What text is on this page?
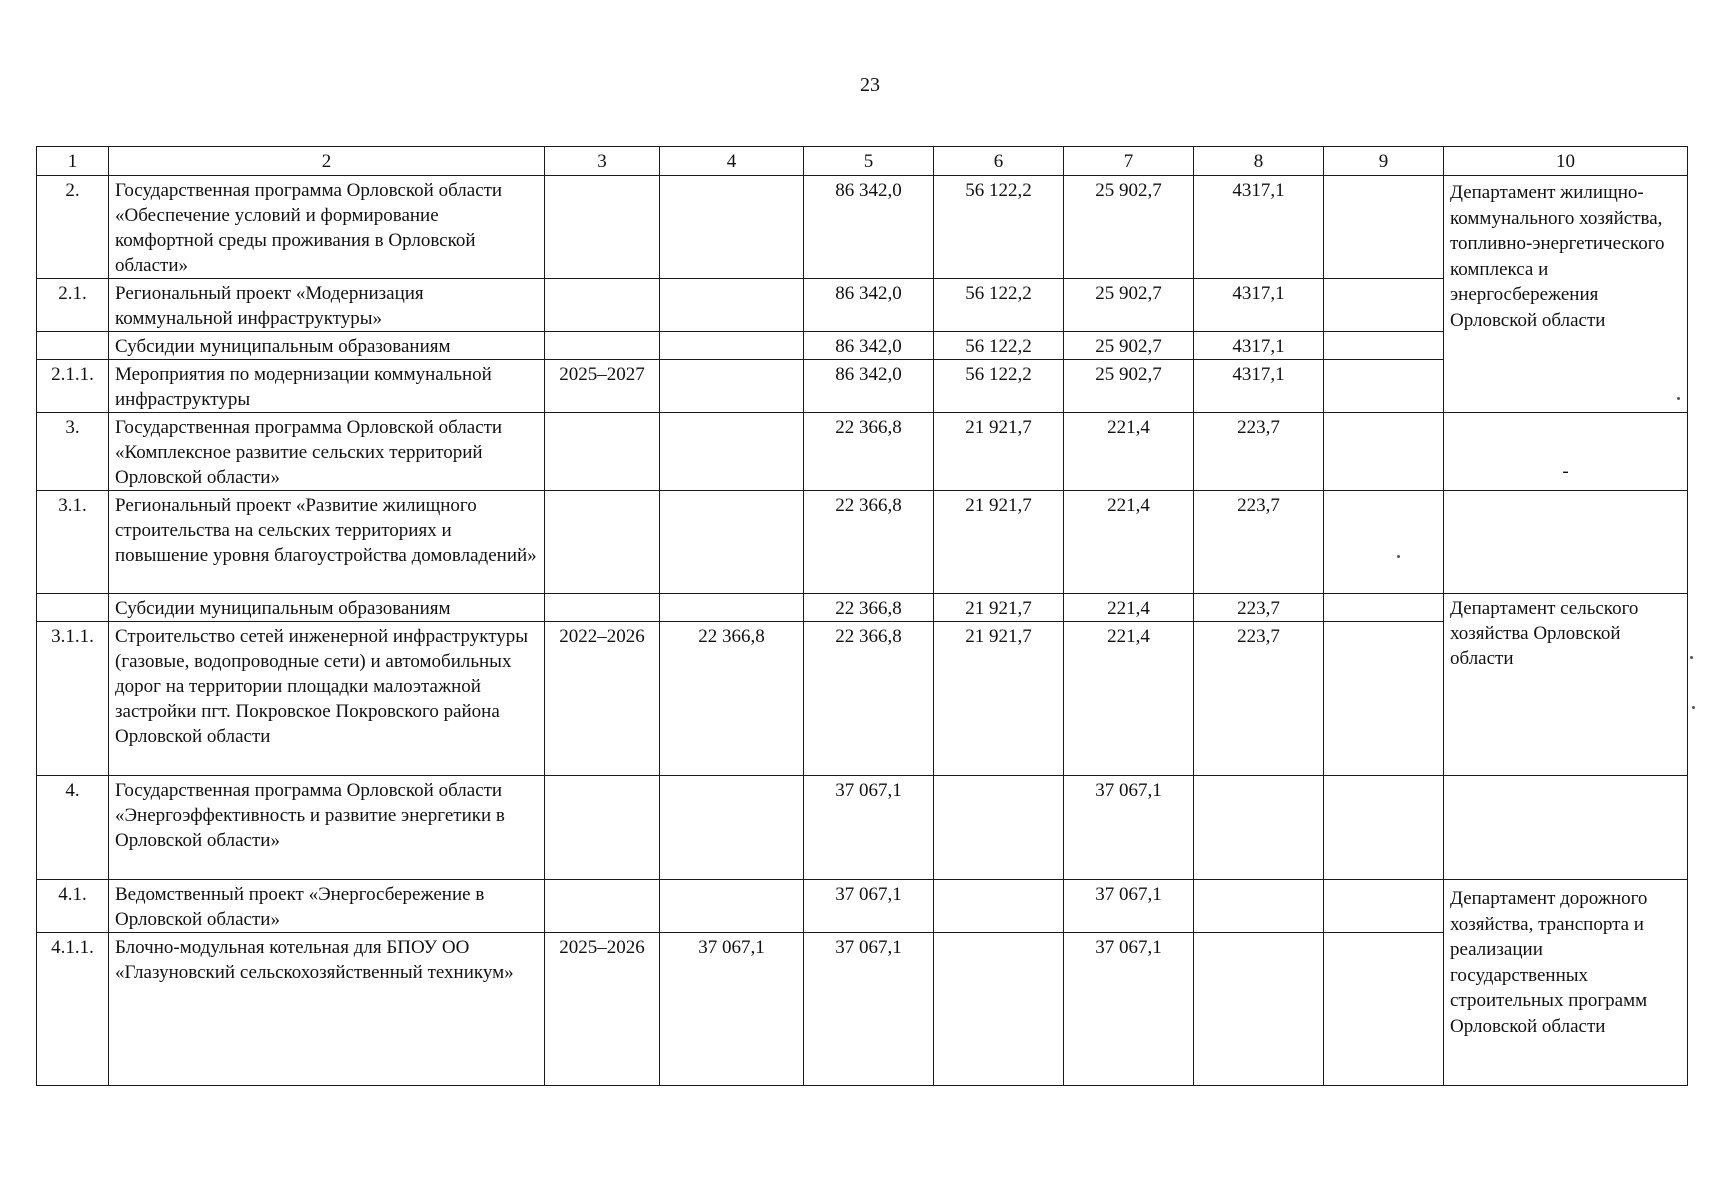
23
1	2	3	4	5	6	7	8	9	10
2.	Государственная программа Орловской области «Обеспечение условий и формирование комфортной среды проживания в Орловской области»			86 342,0	56 122,2	25 902,7	4317,1		Департамент жилищно-коммунального хозяйства, топливно-энергетического комплекса и энергосбережения Орловской области
2.1.	Региональный проект «Модернизация коммунальной инфраструктуры»			86 342,0	56 122,2	25 902,7	4317,1		
	Субсидии муниципальным образованиям			86 342,0	56 122,2	25 902,7	4317,1		
2.1.1.	Мероприятия по модернизации коммунальной инфраструктуры	2025–2027		86 342,0	56 122,2	25 902,7	4317,1		
3.	Государственная программа Орловской области «Комплексное развитие сельских территорий Орловской области»			22 366,8	21 921,7	221,4	223,7		-
3.1.	Региональный проект «Развитие жилищного строительства на сельских территориях и повышение уровня благоустройства домовладений»			22 366,8	21 921,7	221,4	223,7		
	Субсидии муниципальным образованиям			22 366,8	21 921,7	221,4	223,7		Департамент сельского хозяйства Орловской области
3.1.1.	Строительство сетей инженерной инфраструктуры (газовые, водопроводные сети) и автомобильных дорог на территории площадки малоэтажной застройки пгт. Покровское Покровского района Орловской области	2022–2026	22 366,8	22 366,8	21 921,7	221,4	223,7		
4.	Государственная программа Орловской области «Энергоэффективность и развитие энергетики в Орловской области»			37 067,1		37 067,1			
4.1.	Ведомственный проект «Энергосбережение в Орловской области»			37 067,1		37 067,1			Департамент дорожного хозяйства, транспорта и реализации государственных строительных программ Орловской области
4.1.1.	Блочно-модульная котельная для БПОУ ОО «Глазуновский сельскохозяйственный техникум»	2025–2026	37 067,1	37 067,1		37 067,1			
